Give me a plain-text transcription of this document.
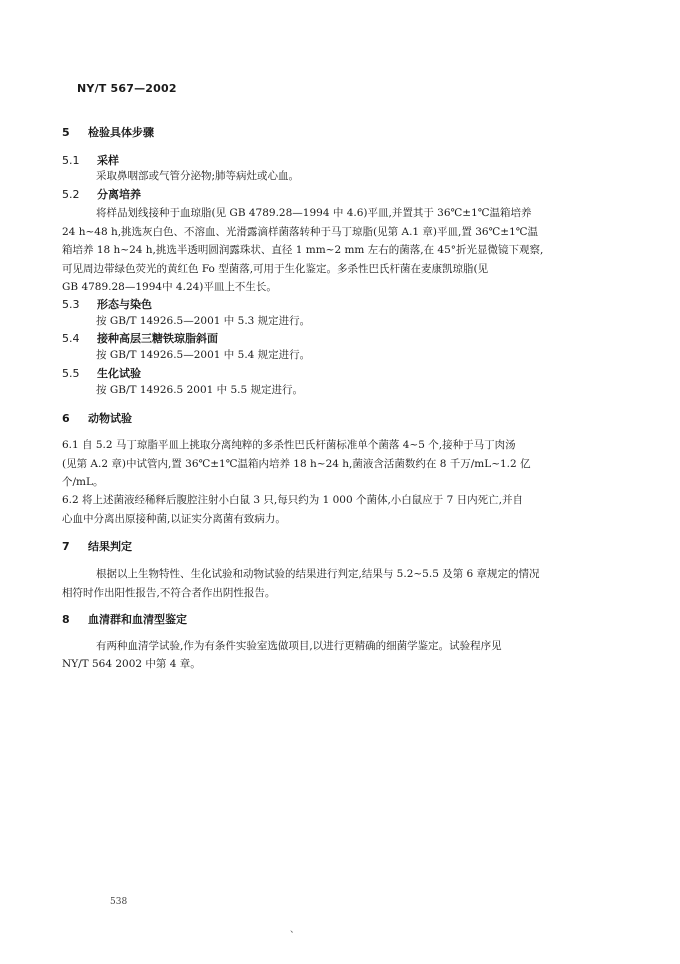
NY/T 567—2002
5 检验具体步骤
5.1 采样
采取鼻咽部或气管分泌物;肺等病灶或心血。
5.2 分离培养
将样品划线接种于血琼脂(见 GB 4789.28—1994 中 4.6)平皿,并置其于 36℃±1℃温箱培养
24 h~48 h,挑选灰白色、不溶血、光滑露滴样菌落转种于马丁琼脂(见第 A.1 章)平皿,置 36℃±1℃温
箱培养 18 h~24 h,挑选半透明圆润露珠状、直径 1 mm~2 mm 左右的菌落,在 45°折光显微镜下观察,
可见周边带绿色荧光的黄红色 Fo 型菌落,可用于生化鉴定。多杀性巴氏杆菌在麦康凯琼脂(见
GB 4789.28—1994中 4.24)平皿上不生长。
5.3 形态与染色
按 GB/T 14926.5—2001 中 5.3 规定进行。
5.4 接种高层三糖铁琼脂斜面
按 GB/T 14926.5—2001 中 5.4 规定进行。
5.5 生化试验
按 GB/T 14926.5 2001 中 5.5 规定进行。
6 动物试验
6.1 自 5.2 马丁琼脂平皿上挑取分离纯粹的多杀性巴氏杆菌标准单个菌落 4~5 个,接种于马丁肉汤
(见第 A.2 章)中试管内,置 36℃±1℃温箱内培养 18 h~24 h,菌液含活菌数约在 8 千万/mL~1.2 亿
个/mL。
6.2 将上述菌液经稀释后腹腔注射小白鼠 3 只,每只约为 1 000 个菌体,小白鼠应于 7 日内死亡,并自
心血中分离出原接种菌,以证实分离菌有致病力。
7 结果判定
根据以上生物特性、生化试验和动物试验的结果进行判定,结果与 5.2~5.5 及第 6 章规定的情况
相符时作出阳性报告,不符合者作出阴性报告。
8 血清群和血清型鉴定
有两种血清学试验,作为有条件实验室选做项目,以进行更精确的细菌学鉴定。试验程序见
NY/T 564 2002 中第 4 章。
538
、
